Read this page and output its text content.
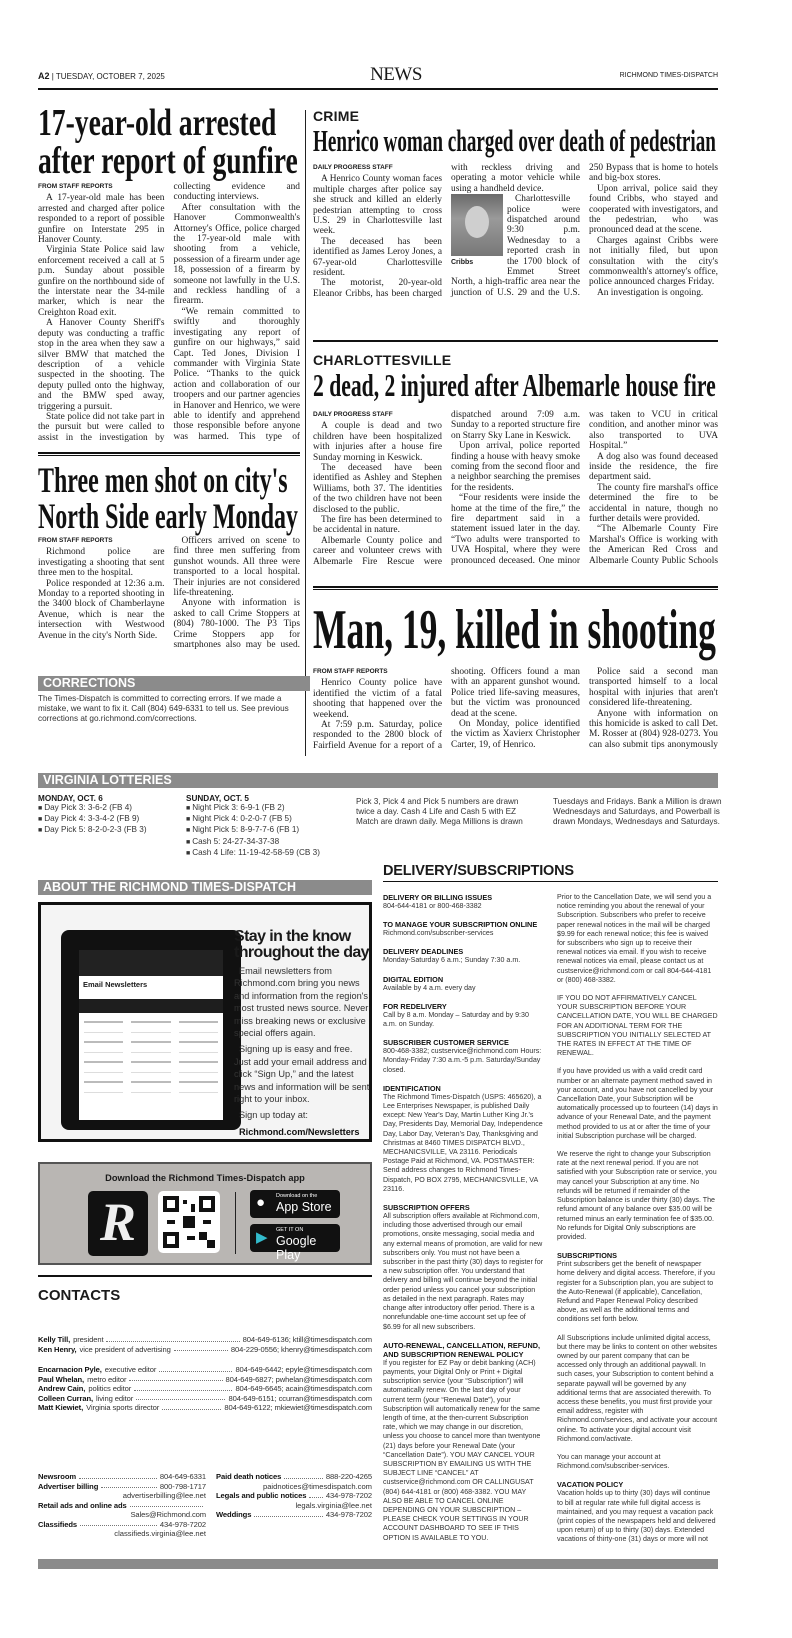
A2 | TUESDAY, OCTOBER 7, 2025	NEWS	RICHMOND TIMES-DISPATCH
17-year-old arrested
after report of gunfire
FROM STAFF REPORTS

A 17-year-old male has been arrested and charged after police responded to a report of possible gunfire on Interstate 295 in Hanover County.

Virginia State Police said law enforcement received a call at 5 p.m. Sunday about possible gunfire on the northbound side of the interstate near the 34-mile marker, which is near the Creighton Road exit.

A Hanover County Sheriff's deputy was conducting a traffic stop in the area when they saw a silver BMW that matched the description of a vehicle suspected in the shooting. The deputy pulled onto the highway, and the BMW sped away, triggering a pursuit.

State police did not take part in the pursuit but were called to assist in the investigation by collecting evidence and conducting interviews.

After consultation with the Hanover Commonwealth's Attorney's Office, police charged the 17-year-old male with shooting from a vehicle, possession of a firearm under age 18, possession of a firearm by someone not lawfully in the U.S. and reckless handling of a firearm.

“We remain committed to swiftly and thoroughly investigating any report of gunfire on our highways,” said Capt. Ted Jones, Division I commander with Virginia State Police. “Thanks to the quick action and collaboration of our troopers and our partner agencies in Hanover and Henrico, we were able to identify and apprehend those responsible before anyone was harmed. This type of

Three men shot on city's
North Side early Monday
FROM STAFF REPORTS

Richmond police are investigating a shooting that sent three men to the hospital.

Police responded at 12:36 a.m. Monday to a reported shooting in the 3400 block of Chamberlayne Avenue, which is near the intersection with Westwood Avenue in the city's North Side.

Officers arrived on scene to find three men suffering from gunshot wounds. All three were transported to a local hospital. Their injuries are not considered life-threatening.

Anyone with information is asked to call Crime Stoppers at (804) 780-1000. The P3 Tips Crime Stoppers app for smartphones also may be used.

CORRECTIONS
The Times-Dispatch is committed to correcting errors. If we made a mistake, we want to fix it. Call (804) 649-6331 to tell us. See previous corrections at go.richmond.com/corrections.
CRIME
Henrico woman charged over death of pedestrian
DAILY PROGRESS STAFF

A Henrico County woman faces multiple charges after police say she struck and killed an elderly pedestrian attempting to cross U.S. 29 in Charlottesville last week.

The deceased has been identified as James Leroy Jones, a 67-year-old Charlottesville resident.

The motorist, 20-year-old Eleanor Cribbs, has been charged with reckless driving and operating a motor vehicle while using a handheld device.

Cribbs

Charlottesville police were dispatched around 9:30 p.m. Wednesday to a reported crash in the 1700 block of Emmet Street North, a high-traffic area near the junction of U.S. 29 and the U.S. 250 Bypass that is home to hotels and big-box stores.

Upon arrival, police said they found Cribbs, who stayed and cooperated with investigators, and the pedestrian, who was pronounced dead at the scene.

Charges against Cribbs were not initially filed, but upon consultation with the city's commonwealth's attorney's office, police announced charges Friday.

An investigation is ongoing.

CHARLOTTESVILLE
2 dead, 2 injured after Albemarle house fire
DAILY PROGRESS STAFF

A couple is dead and two children have been hospitalized with injuries after a house fire Sunday morning in Keswick.

The deceased have been identified as Ashley and Stephen Williams, both 37. The identities of the two children have not been disclosed to the public.

The fire has been determined to be accidental in nature.

Albemarle County police and career and volunteer crews with Albemarle Fire Rescue were dispatched around 7:09 a.m. Sunday to a reported structure fire on Starry Sky Lane in Keswick.

Upon arrival, police reported finding a house with heavy smoke coming from the second floor and a neighbor searching the premises for the residents.

“Four residents were inside the home at the time of the fire,” the fire department said in a statement issued later in the day. “Two adults were transported to UVA Hospital, where they were pronounced deceased. One minor was taken to VCU in critical condition, and another minor was also transported to UVA Hospital.”

A dog also was found deceased inside the residence, the fire department said.

The county fire marshal's office determined the fire to be accidental in nature, though no further details were provided.

“The Albemarle County Fire Marshal's Office is working with the American Red Cross and Albemarle County Public Schools

Man, 19, killed in shooting
FROM STAFF REPORTS

Henrico County police have identified the victim of a fatal shooting that happened over the weekend.

At 7:59 p.m. Saturday, police responded to the 2800 block of Fairfield Avenue for a report of a shooting. Officers found a man with an apparent gunshot wound. Police tried life-saving measures, but the victim was pronounced dead at the scene.

On Monday, police identified the victim as Xavierx Christopher Carter, 19, of Henrico.

Police said a second man transported himself to a local hospital with injuries that aren't considered life-threatening.

Anyone with information on this homicide is asked to call Det. M. Rosser at (804) 928-0273. You can also submit tips anonymously

VIRGINIA LOTTERIES
MONDAY, OCT. 6
■ Day Pick 3: 3-6-2 (FB 4)
■ Day Pick 4: 3-3-4-2 (FB 9)
■ Day Pick 5: 8-2-0-2-3 (FB 3)
SUNDAY, OCT. 5
■ Night Pick 3: 6-9-1 (FB 2)
■ Night Pick 4: 0-2-0-7 (FB 5)
■ Night Pick 5: 8-9-7-7-6 (FB 1)
■ Cash 5: 24-27-34-37-38
■ Cash 4 Life: 11-19-42-58-59 (CB 3)
Pick 3, Pick 4 and Pick 5 numbers are drawn twice a day. Cash 4 Life and Cash 5 with EZ Match are drawn daily. Mega Millions is drawn
Tuesdays and Fridays. Bank a Million is drawn Wednesdays and Saturdays, and Powerball is drawn Mondays, Wednesdays and Saturdays.
ABOUT THE RICHMOND TIMES-DISPATCH
Email Newsletters
Stay in the know throughout the day

Email newsletters from Richmond.com bring you news and information from the region's most trusted news source. Never miss breaking news or exclusive special offers again.

Signing up is easy and free. Just add your email address and click “Sign Up,” and the latest news and information will be sent right to your inbox.

Sign up today at:

Richmond.com/Newsletters

Download the Richmond Times-Dispatch app
R	● Download on the
App Store
▶ GET IT ON
Google Play
CONTACTS
Kelly Till, president	804-649-6136; ktill@timesdispatch.com
Ken Henry, vice president of advertising	804-229-0556; khenry@timesdispatch.com
Encarnacion Pyle, executive editor	804-649-6442; epyle@timesdispatch.com
Paul Whelan, metro editor	804-649-6827; pwhelan@timesdispatch.com
Andrew Cain, politics editor	804-649-6645; acain@timesdispatch.com
Colleen Curran, living editor	804-649-6151; ccurran@timesdispatch.com
Matt Kiewiet, Virginia sports director	804-649-6122; mkiewiet@timesdispatch.com
Newsroom	804-649-6331
Advertiser billing	800-798-1717
advertiserbilling@lee.net
Retail ads and online ads
Sales@Richmond.com
Classifieds	434-978-7202
classifieds.virginia@lee.net
Paid death notices	888-220-4265
paidnotices@timesdispatch.com
Legals and public notices	434-978-7202
legals.virginia@lee.net
Weddings	434-978-7202
DELIVERY/SUBSCRIPTIONS
DELIVERY OR BILLING ISSUES

804-644-4181 or 800-468-3382

TO MANAGE YOUR SUBSCRIPTION ONLINE

Richmond.com/subscriber-services

DELIVERY DEADLINES

Monday-Saturday 6 a.m.; Sunday 7:30 a.m.

DIGITAL EDITION

Available by 4 a.m. every day

FOR REDELIVERY

Call by 8 a.m. Monday – Saturday and by 9:30 a.m. on Sunday.

SUBSCRIBER CUSTOMER SERVICE

800-468-3382; custservice@richmond.com Hours: Monday-Friday 7:30 a.m.-5 p.m. Saturday/Sunday closed.

IDENTIFICATION

The Richmond Times-Dispatch (USPS: 465620), a Lee Enterprises Newspaper, is published Daily except: New Year's Day, Martin Luther King Jr.'s Day, Presidents Day, Memorial Day, Independence Day, Labor Day, Veteran's Day, Thanksgiving and Christmas at 8460 TIMES DISPATCH BLVD., MECHANICSVILLE, VA 23116. Periodicals Postage Paid at Richmond, VA. POSTMASTER: Send address changes to Richmond Times-Dispatch, PO BOX 2795, MECHANICSVILLE, VA 23116.

SUBSCRIPTION OFFERS

All subscription offers available at Richmond.com, including those advertised through our email promotions, onsite messaging, social media and any external means of promotion, are valid for new subscribers only. You must not have been a subscriber in the past thirty (30) days to register for a new subscription offer. You understand that delivery and billing will continue beyond the initial order period unless you cancel your subscription as detailed in the next paragraph. Rates may change after introductory offer period. There is a nonrefundable one-time account set up fee of $6.99 for all new subscribers.

AUTO-RENEWAL, CANCELLATION, REFUND, AND SUBSCRIPTION RENEWAL POLICY

If you register for EZ Pay or debit banking (ACH) payments, your Digital Only or Print + Digital subscription service (your “Subscription”) will automatically renew. On the last day of your current term (your “Renewal Date”), your Subscription will automatically renew for the same length of time, at the then-current Subscription rate, which we may change in our discretion, unless you choose to cancel more than twentyone (21) days before your Renewal Date (your “Cancellation Date”). YOU MAY CANCEL YOUR SUBSCRIPTION BY EMAILING US WITH THE SUBJECT LINE “CANCEL” AT custservice@richmond.com OR CALLINGUSAT (804) 644-4181 or (800) 468-3382. YOU MAY ALSO BE ABLE TO CANCEL ONLINE DEPENDING ON YOUR SUBSCRIPTION – PLEASE CHECK YOUR SETTINGS IN YOUR ACCOUNT DASHBOARD TO SEE IF THIS OPTION IS AVAILABLE TO YOU.

Prior to the Cancellation Date, we will send you a notice reminding you about the renewal of your Subscription. Subscribers who prefer to receive paper renewal notices in the mail will be charged $9.99 for each renewal notice; this fee is waived for subscribers who sign up to receive their renewal notices via email. If you wish to receive renewal notices via email, please contact us at custservice@richmond.com or call 804-644-4181 or (800) 468-3382.

IF YOU DO NOT AFFIRMATIVELY CANCEL YOUR SUBSCRIPTION BEFORE YOUR CANCELLATION DATE, YOU WILL BE CHARGED FOR AN ADDITIONAL TERM FOR THE SUBSCRIPTION YOU INITIALLY SELECTED AT THE RATES IN EFFECT AT THE TIME OF RENEWAL.

If you have provided us with a valid credit card number or an alternate payment method saved in your account, and you have not cancelled by your Cancellation Date, your Subscription will be automatically processed up to fourteen (14) days in advance of your Renewal Date, and the payment method provided to us at or after the time of your initial Subscription purchase will be charged.

We reserve the right to change your Subscription rate at the next renewal period. If you are not satisfied with your Subscription rate or service, you may cancel your Subscription at any time. No refunds will be returned if remainder of the Subscription balance is under thirty (30) days. The refund amount of any balance over $35.00 will be returned minus an early termination fee of $35.00. No refunds for Digital Only subscriptions are provided.

SUBSCRIPTIONS

Print subscribers get the benefit of newspaper home delivery and digital access. Therefore, if you register for a Subscription plan, you are subject to the Auto-Renewal (if applicable), Cancellation, Refund and Paper Renewal Policy described above, as well as the additional terms and conditions set forth below.

All Subscriptions include unlimited digital access, but there may be links to content on other websites owned by our parent company that can be accessed only through an additional paywall. In such cases, your Subscription to content behind a separate paywall will be governed by any additional terms that are associated therewith. To access these benefits, you must first provide your email address, register with Richmond.com/services, and activate your account online. To activate your digital account visit Richmond.com/activate.

You can manage your account at Richmond.com/subscriber-services.

VACATION POLICY

Vacation holds up to thirty (30) days will continue to bill at regular rate while full digital access is maintained, and you may request a vacation pack (print copies of the newspapers held and delivered upon return) of up to thirty (30) days. Extended vacations of thirty-one (31) days or more will not
